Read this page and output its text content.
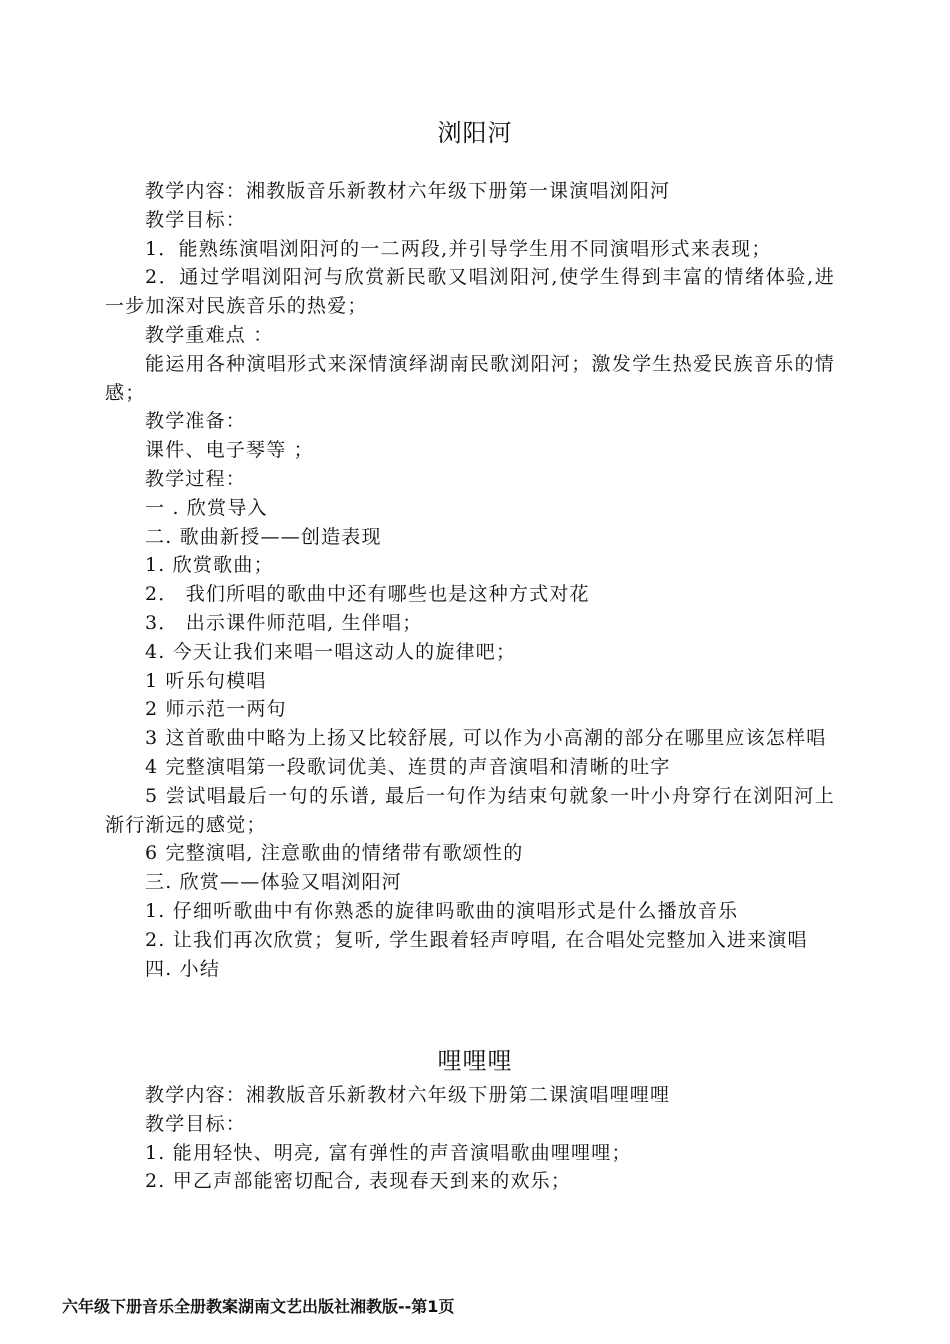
浏阳河

教学内容：湘教版音乐新教材六年级下册第一课演唱浏阳河

教学目标：

1．能熟练演唱浏阳河的一二两段,并引导学生用不同演唱形式来表现；

2．通过学唱浏阳河与欣赏新民歌又唱浏阳河,使学生得到丰富的情绪体验,进一步加深对民族音乐的热爱；

教学重难点 ：

能运用各种演唱形式来深情演绎湖南民歌浏阳河；激发学生热爱民族音乐的情感；

教学准备：

课件、电子琴等 ；

教学过程：

一 . 欣赏导入

二. 歌曲新授——创造表现

1. 欣赏歌曲；

2． 我们所唱的歌曲中还有哪些也是这种方式对花

3． 出示课件师范唱, 生伴唱；

4. 今天让我们来唱一唱这动人的旋律吧；

1 听乐句模唱

2 师示范一两句

3 这首歌曲中略为上扬又比较舒展, 可以作为小高潮的部分在哪里应该怎样唱

4 完整演唱第一段歌词优美、连贯的声音演唱和清晰的吐字

5 尝试唱最后一句的乐谱, 最后一句作为结束句就象一叶小舟穿行在浏阳河上渐行渐远的感觉；

6 完整演唱, 注意歌曲的情绪带有歌颂性的

三. 欣赏——体验又唱浏阳河

1. 仔细听歌曲中有你熟悉的旋律吗歌曲的演唱形式是什么播放音乐

2. 让我们再次欣赏；复听, 学生跟着轻声哼唱, 在合唱处完整加入进来演唱

四. 小结

哩哩哩

教学内容：湘教版音乐新教材六年级下册第二课演唱哩哩哩

教学目标：

1. 能用轻快、明亮, 富有弹性的声音演唱歌曲哩哩哩；

2. 甲乙声部能密切配合, 表现春天到来的欢乐；

六年级下册音乐全册教案湖南文艺出版社湘教版--第1页
